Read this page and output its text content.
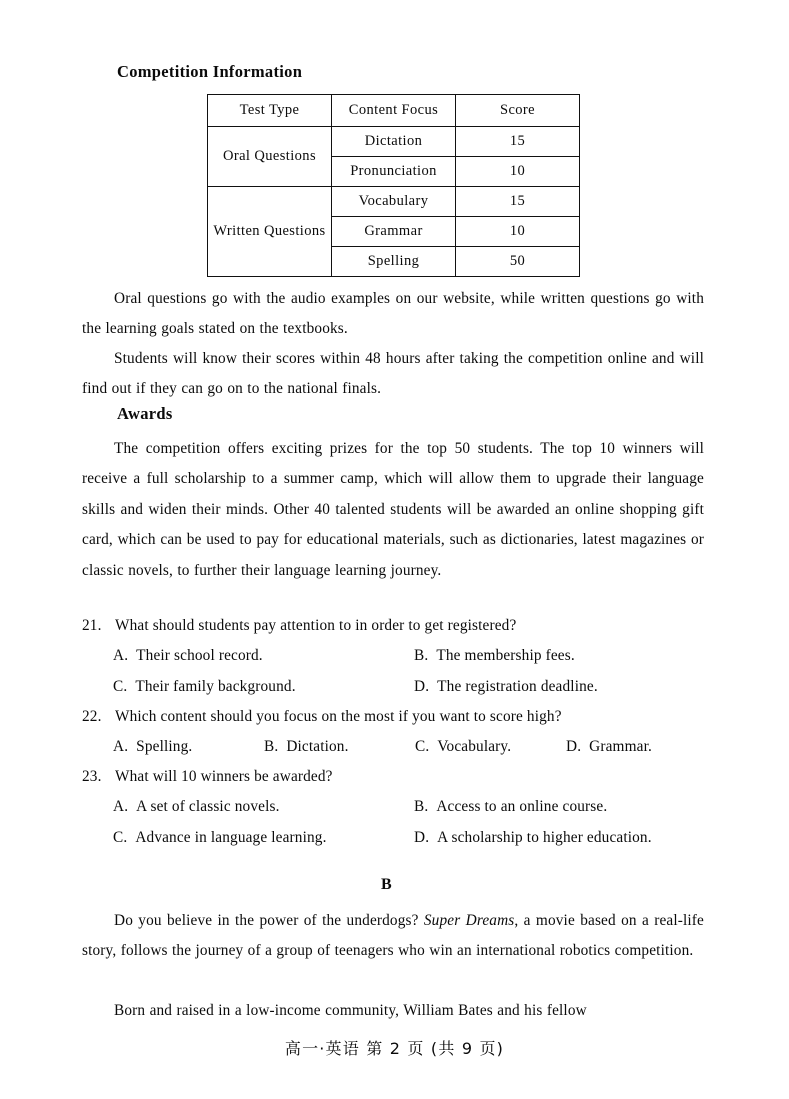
Competition Information
Test Type	Content Focus	Score
Oral Questions	Dictation	15
	Pronunciation	10
Written Questions	Vocabulary	15
	Grammar	10
	Spelling	50
Oral questions go with the audio examples on our website, while written questions go with the learning goals stated on the textbooks.
Students will know their scores within 48 hours after taking the competition online and will find out if they can go on to the national finals.
Awards
The competition offers exciting prizes for the top 50 students. The top 10 winners will receive a full scholarship to a summer camp, which will allow them to upgrade their language skills and widen their minds. Other 40 talented students will be awarded an online shopping gift card, which can be used to pay for educational materials, such as dictionaries, latest magazines or classic novels, to further their language learning journey.
21. What should students pay attention to in order to get registered?
A. Their school record.	B. The membership fees.
C. Their family background.	D. The registration deadline.
22. Which content should you focus on the most if you want to score high?
A. Spelling.	B. Dictation.	C. Vocabulary.	D. Grammar.
23. What will 10 winners be awarded?
A. A set of classic novels.	B. Access to an online course.
C. Advance in language learning.	D. A scholarship to higher education.
B
Do you believe in the power of the underdogs? Super Dreams, a movie based on a real-life story, follows the journey of a group of teenagers who win an international robotics competition.
Born and raised in a low-income community, William Bates and his fellow
高一·英语 第 2 页 (共 9 页)
